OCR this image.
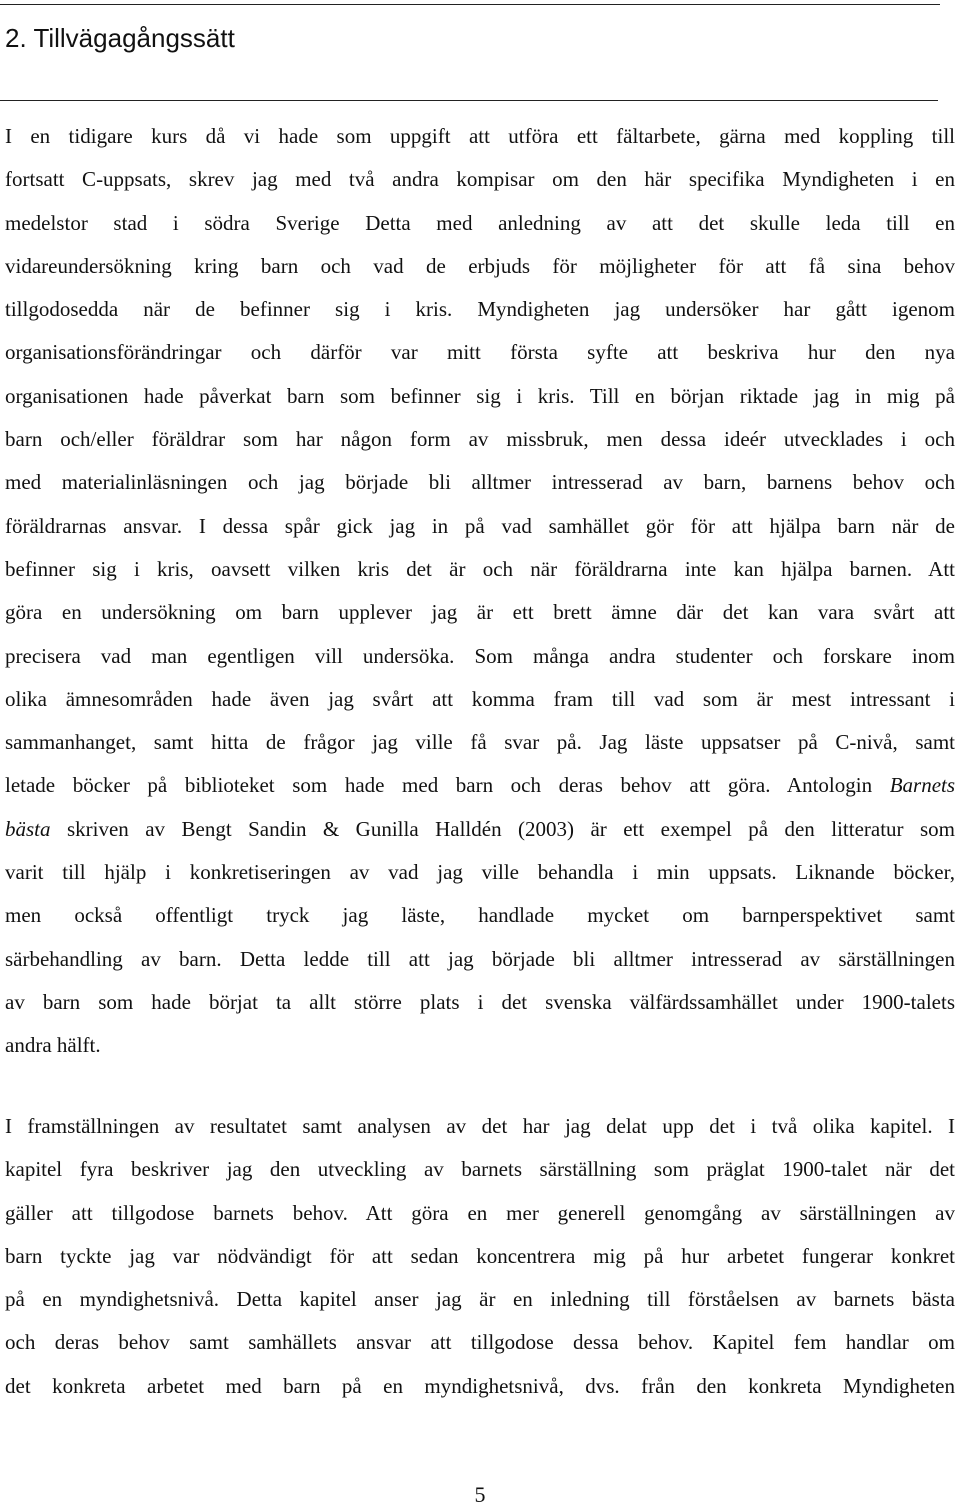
2. Tillvägagångssätt
I en tidigare kurs då vi hade som uppgift att utföra ett fältarbete, gärna med koppling till
fortsatt C-uppsats, skrev jag med två andra kompisar om den här specifika Myndigheten i en
medelstor stad i södra Sverige Detta med anledning av att det skulle leda till en
vidareundersökning kring barn och vad de erbjuds för möjligheter för att få sina behov
tillgodosedda när de befinner sig i kris. Myndigheten jag undersöker har gått igenom
organisationsförändringar och därför var mitt första syfte att beskriva hur den nya
organisationen hade påverkat barn som befinner sig i kris. Till en början riktade jag in mig på
barn och/eller föräldrar som har någon form av missbruk, men dessa ideér utvecklades i och
med materialinläsningen och jag började bli alltmer intresserad av barn, barnens behov och
föräldrarnas ansvar. I dessa spår gick jag in på vad samhället gör för att hjälpa barn när de
befinner sig i kris, oavsett vilken kris det är och när föräldrarna inte kan hjälpa barnen. Att
göra en undersökning om barn upplever jag är ett brett ämne där det kan vara svårt att
precisera vad man egentligen vill undersöka. Som många andra studenter och forskare inom
olika ämnesområden hade även jag svårt att komma fram till vad som är mest intressant i
sammanhanget, samt hitta de frågor jag ville få svar på. Jag läste uppsatser på C-nivå, samt
letade böcker på biblioteket som hade med barn och deras behov att göra. Antologin Barnets
bästa skriven av Bengt Sandin & Gunilla Halldén (2003) är ett exempel på den litteratur som
varit till hjälp i konkretiseringen av vad jag ville behandla i min uppsats. Liknande böcker,
men också offentligt tryck jag läste, handlade mycket om barnperspektivet samt
särbehandling av barn. Detta ledde till att jag började bli alltmer intresserad av särställningen
av barn som hade börjat ta allt större plats i det svenska välfärdssamhället under 1900-talets
andra hälft.
I framställningen av resultatet samt analysen av det har jag delat upp det i två olika kapitel. I
kapitel fyra beskriver jag den utveckling av barnets särställning som präglat 1900-talet när det
gäller att tillgodose barnets behov. Att göra en mer generell genomgång av särställningen av
barn tyckte jag var nödvändigt för att sedan koncentrera mig på hur arbetet fungerar konkret
på en myndighetsnivå. Detta kapitel anser jag är en inledning till förståelsen av barnets bästa
och deras behov samt samhällets ansvar att tillgodose dessa behov. Kapitel fem handlar om
det konkreta arbetet med barn på en myndighetsnivå, dvs. från den konkreta Myndigheten
5
